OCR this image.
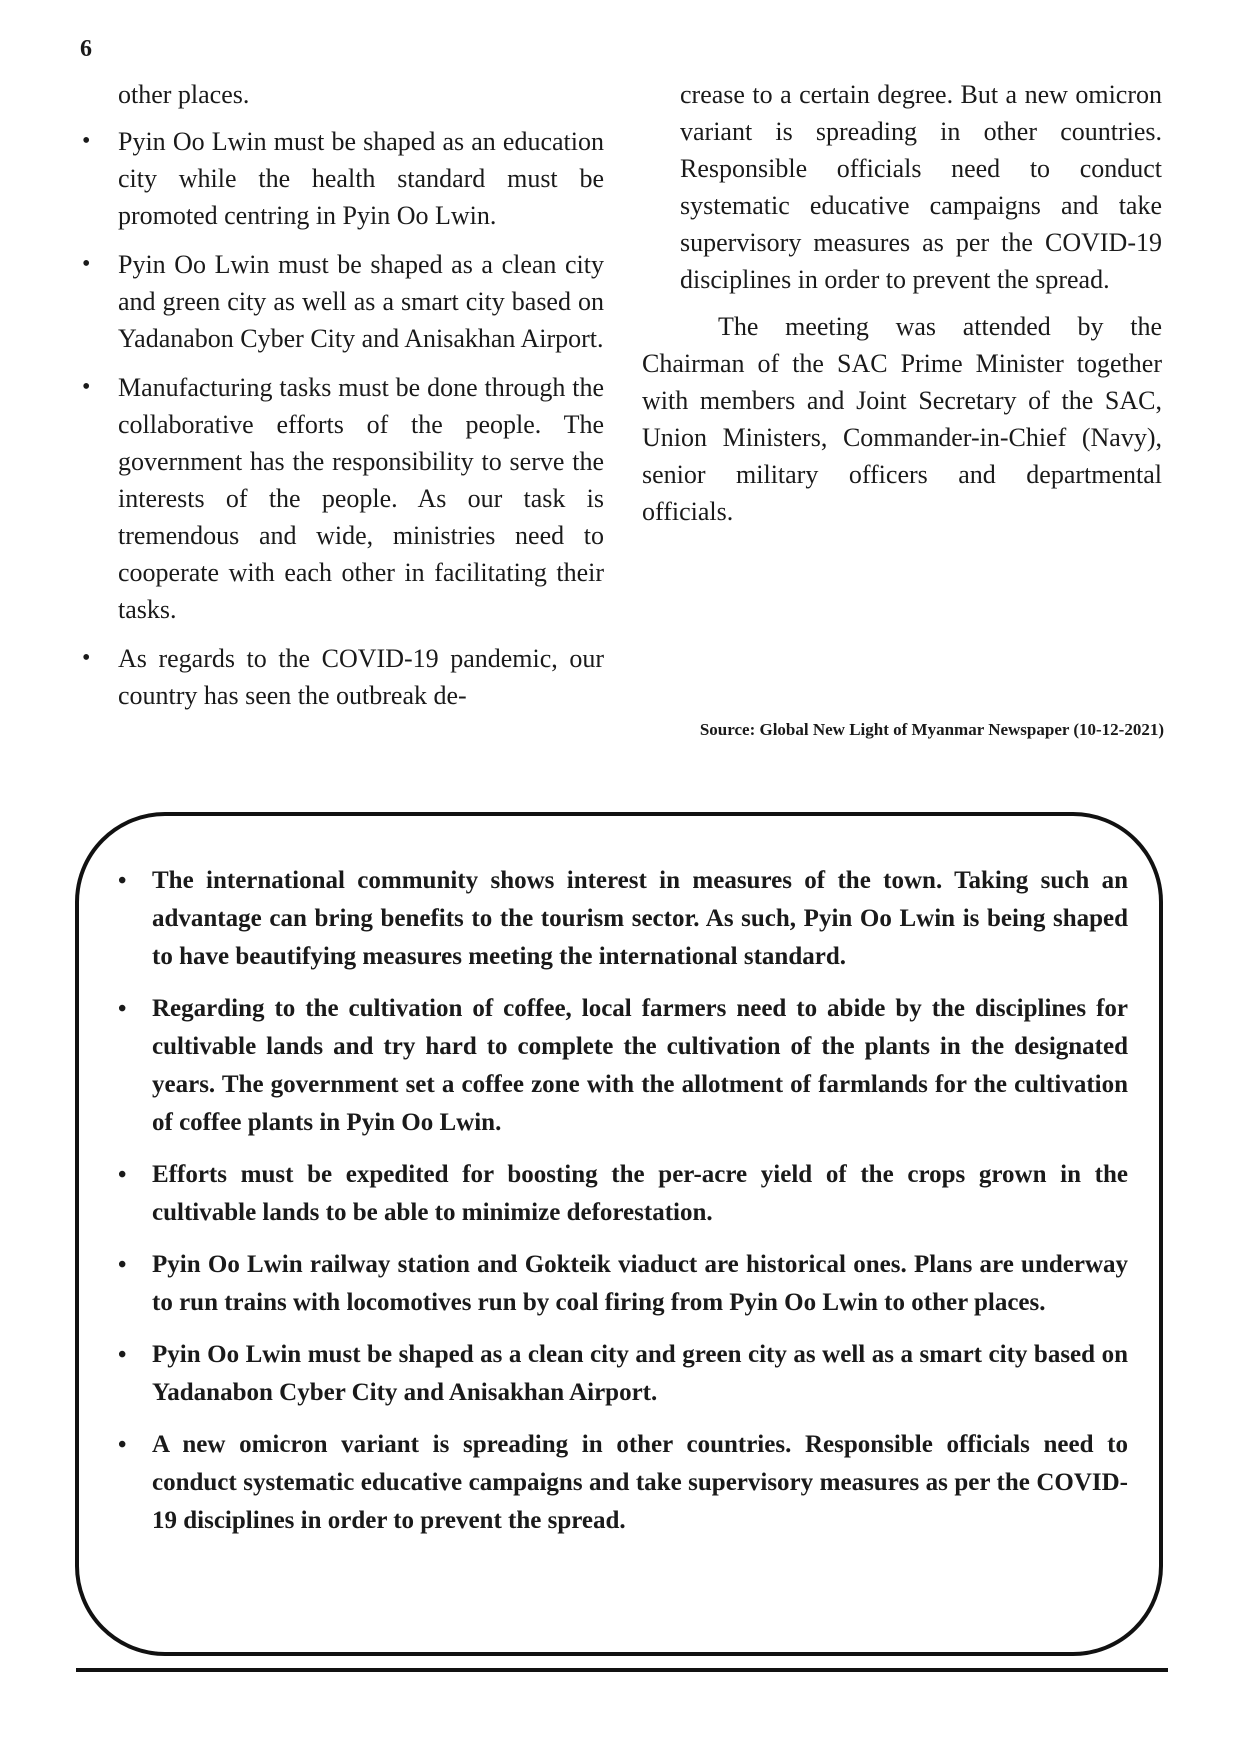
6

other places.

• Pyin Oo Lwin must be shaped as an education city while the health standard must be promoted centring in Pyin Oo Lwin.
• Pyin Oo Lwin must be shaped as a clean city and green city as well as a smart city based on Yadanabon Cyber City and Anisakhan Airport.
• Manufacturing tasks must be done through the collaborative efforts of the people. The government has the responsibility to serve the interests of the people. As our task is tremendous and wide, ministries need to cooperate with each other in facilitating their tasks.
• As regards to the COVID-19 pandemic, our country has seen the outbreak de-

crease to a certain degree. But a new omicron variant is spreading in other countries. Responsible officials need to conduct systematic educative campaigns and take supervisory measures as per the COVID-19 disciplines in order to prevent the spread.

The meeting was attended by the Chairman of the SAC Prime Minister together with members and Joint Secretary of the SAC, Union Ministers, Commander-in-Chief (Navy), senior military officers and departmental officials.

Source: Global New Light of Myanmar Newspaper (10-12-2021)
• The international community shows interest in measures of the town. Taking such an advantage can bring benefits to the tourism sector. As such, Pyin Oo Lwin is being shaped to have beautifying measures meeting the international standard.
• Regarding to the cultivation of coffee, local farmers need to abide by the disciplines for cultivable lands and try hard to complete the cultivation of the plants in the designated years. The government set a coffee zone with the allotment of farmlands for the cultivation of coffee plants in Pyin Oo Lwin.
• Efforts must be expedited for boosting the per-acre yield of the crops grown in the cultivable lands to be able to minimize deforestation.
• Pyin Oo Lwin railway station and Gokteik viaduct are historical ones. Plans are underway to run trains with locomotives run by coal firing from Pyin Oo Lwin to other places.
• Pyin Oo Lwin must be shaped as a clean city and green city as well as a smart city based on Yadanabon Cyber City and Anisakhan Airport.
• A new omicron variant is spreading in other countries. Responsible officials need to conduct systematic educative campaigns and take supervisory measures as per the COVID-19 disciplines in order to prevent the spread.
